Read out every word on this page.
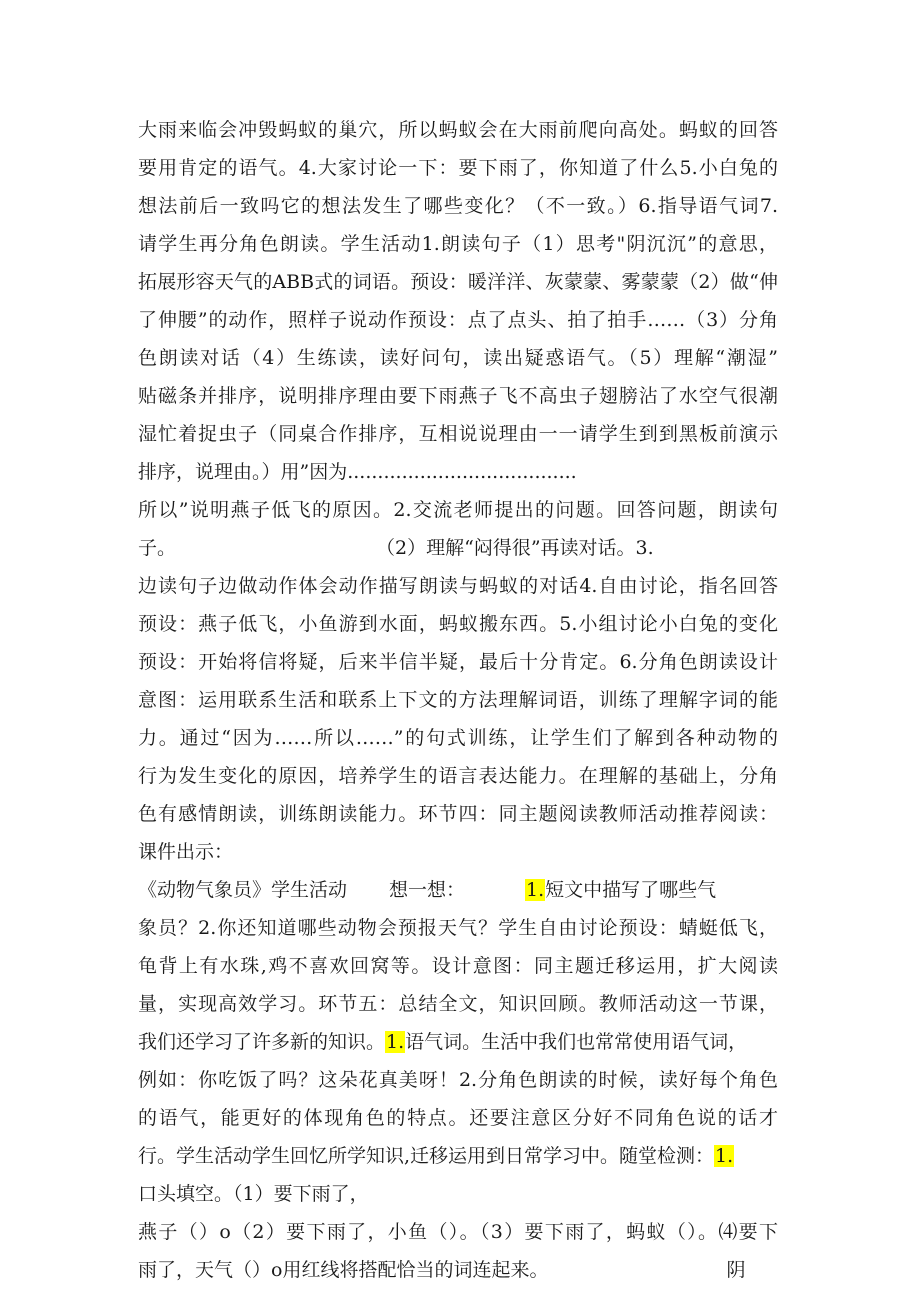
大雨来临会冲毁蚂蚁的巢穴，所以蚂蚁会在大雨前爬向高处。蚂蚁的回答
要用肯定的语气。4.大家讨论一下：要下雨了，你知道了什么5.小白兔的
想法前后一致吗它的想法发生了哪些变化？（不一致。）6.指导语气词7.
请学生再分角色朗读。学生活动1.朗读句子（1）思考"阴沉沉”的意思，
拓展形容天气的ABB式的词语。预设：暖洋洋、灰蒙蒙、雾蒙蒙（2）做“伸
了伸腰”的动作，照样子说动作预设：点了点头、拍了拍手……（3）分角
色朗读对话（4）生练读，读好问句，读出疑惑语气。（5）理解“潮湿”
贴磁条并排序，说明排序理由要下雨燕子飞不高虫子翅膀沾了水空气很潮
湿忙着捉虫子（同桌合作排序，互相说说理由一一请学生到到黑板前演示
排序，说理由。）用”因为......................................
所以”说明燕子低飞的原因。2.交流老师提出的问题。回答问题，朗读句
子。	（2）理解“闷得很”再读对话。3.
边读句子边做动作体会动作描写朗读与蚂蚁的对话4.自由讨论，指名回答
预设：燕子低飞，小鱼游到水面，蚂蚁搬东西。5.小组讨论小白兔的变化
预设：开始将信将疑，后来半信半疑，最后十分肯定。6.分角色朗读设计
意图：运用联系生活和联系上下文的方法理解词语，训练了理解字词的能
力。通过“因为……所以……”的句式训练，让学生们了解到各种动物的
行为发生变化的原因，培养学生的语言表达能力。在理解的基础上，分角
色有感情朗读，训练朗读能力。环节四：同主题阅读教师活动推荐阅读：
课件出示：
《动物气象员》学生活动 想一想：	1.短文中描写了哪些气
象员？2.你还知道哪些动物会预报天气？学生自由讨论预设：蜻蜓低飞，
龟背上有水珠,鸡不喜欢回窝等。设计意图：同主题迁移运用，扩大阅读
量，实现高效学习。环节五：总结全文，知识回顾。教师活动这一节课，
我们还学习了许多新的知识。1.语气词。生活中我们也常常使用语气词，
例如：你吃饭了吗？这朵花真美呀！2.分角色朗读的时候，读好每个角色
的语气，能更好的体现角色的特点。还要注意区分好不同角色说的话才
行。学生活动学生回忆所学知识,迁移运用到日常学习中。随堂检测：1.
口头填空。（1）要下雨了，
燕子（）o（2）要下雨了，小鱼（）。（3）要下雨了，蚂蚁（）。⑷要下
雨了，天气（）o用红线将搭配恰当的词连起来。	阴
